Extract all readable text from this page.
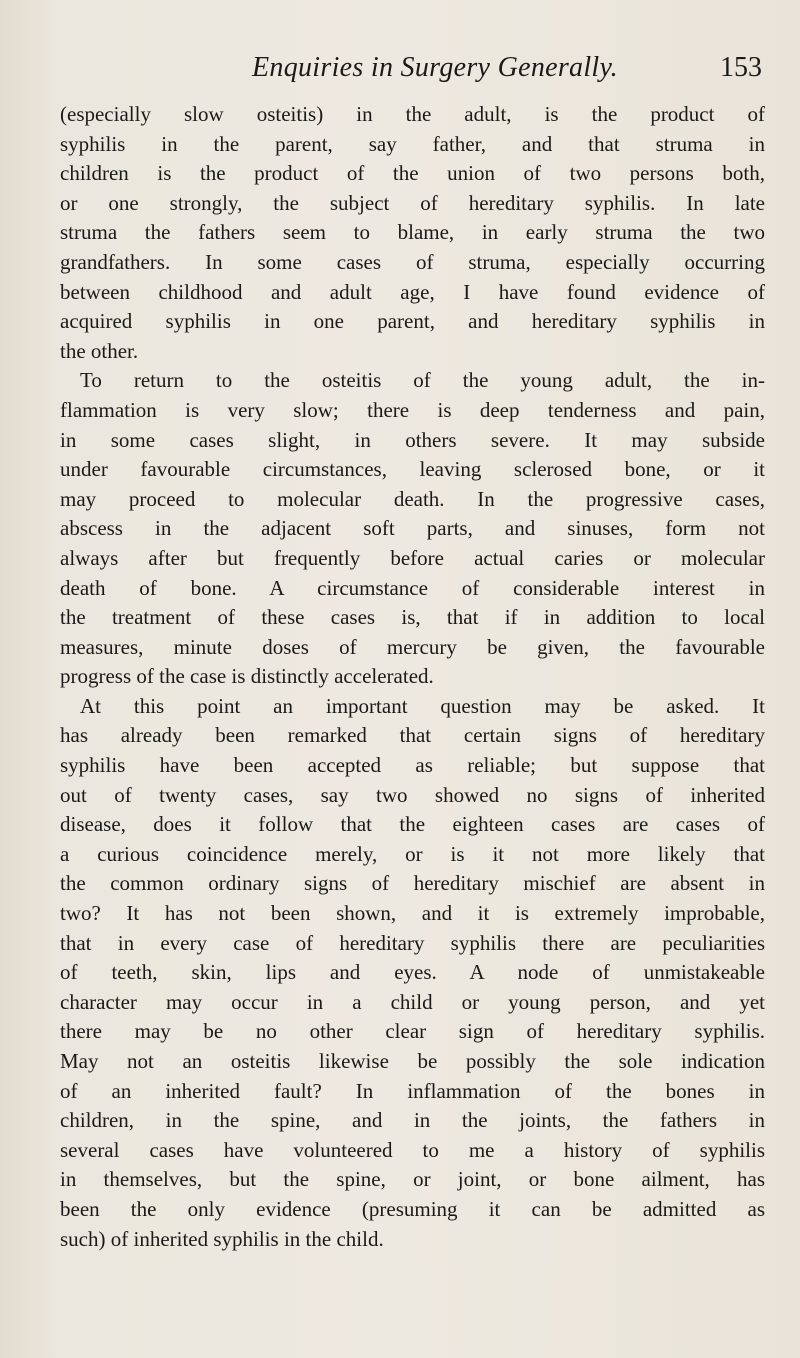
Enquiries in Surgery Generally.	153
(especially slow osteitis) in the adult, is the product of
syphilis in the parent, say father, and that struma in
children is the product of the union of two persons both,
or one strongly, the subject of hereditary syphilis. In late
struma the fathers seem to blame, in early struma the two
grandfathers. In some cases of struma, especially occurring
between childhood and adult age, I have found evidence of
acquired syphilis in one parent, and hereditary syphilis in
the other.
To return to the osteitis of the young adult, the in-
flammation is very slow; there is deep tenderness and pain,
in some cases slight, in others severe. It may subside
under favourable circumstances, leaving sclerosed bone, or it
may proceed to molecular death. In the progressive cases,
abscess in the adjacent soft parts, and sinuses, form not
always after but frequently before actual caries or molecular
death of bone. A circumstance of considerable interest in
the treatment of these cases is, that if in addition to local
measures, minute doses of mercury be given, the favourable
progress of the case is distinctly accelerated.
At this point an important question may be asked. It
has already been remarked that certain signs of hereditary
syphilis have been accepted as reliable; but suppose that
out of twenty cases, say two showed no signs of inherited
disease, does it follow that the eighteen cases are cases of
a curious coincidence merely, or is it not more likely that
the common ordinary signs of hereditary mischief are absent in
two? It has not been shown, and it is extremely improbable,
that in every case of hereditary syphilis there are peculiarities
of teeth, skin, lips and eyes. A node of unmistakeable
character may occur in a child or young person, and yet
there may be no other clear sign of hereditary syphilis.
May not an osteitis likewise be possibly the sole indication
of an inherited fault? In inflammation of the bones in
children, in the spine, and in the joints, the fathers in
several cases have volunteered to me a history of syphilis
in themselves, but the spine, or joint, or bone ailment, has
been the only evidence (presuming it can be admitted as
such) of inherited syphilis in the child.
